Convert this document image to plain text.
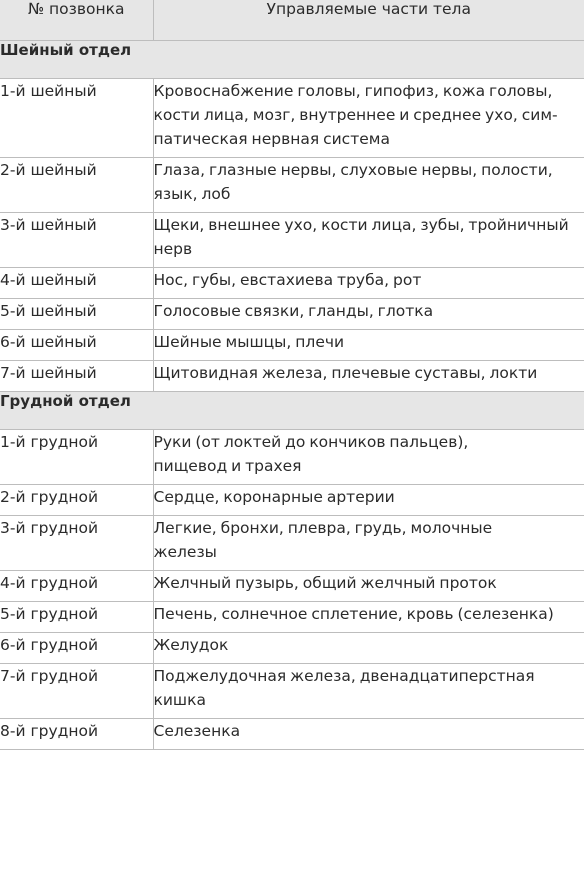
№ позвонка	Управляемые части тела
Шейный отдел	
1-й шейный	Кровоснабжение головы, гипофиз, кожа головы,
кости лица, мозг, внутреннее и среднее ухо, сим-
патическая нервная система

2-й шейный	Глаза, глазные нервы, слуховые нервы, полости,
язык, лоб

3-й шейный	Щеки, внешнее ухо, кости лица, зубы, тройничный
нерв

4-й шейный	Нос, губы, евстахиева труба, рот

5-й шейный	Голосовые связки, гланды, глотка

6-й шейный	Шейные мышцы, плечи

7-й шейный	Щитовидная железа, плечевые суставы, локти

Грудной отдел	
1-й грудной	Руки (от локтей до кончиков пальцев),
пищевод и трахея

2-й грудной	Сердце, коронарные артерии

3-й грудной	Легкие, бронхи, плевра, грудь, молочные
железы

4-й грудной	Желчный пузырь, общий желчный проток

5-й грудной	Печень, солнечное сплетение, кровь (селезенка)

6-й грудной	Желудок

7-й грудной	Поджелудочная железа, двенадцатиперстная
кишка

8-й грудной	Селезенка
